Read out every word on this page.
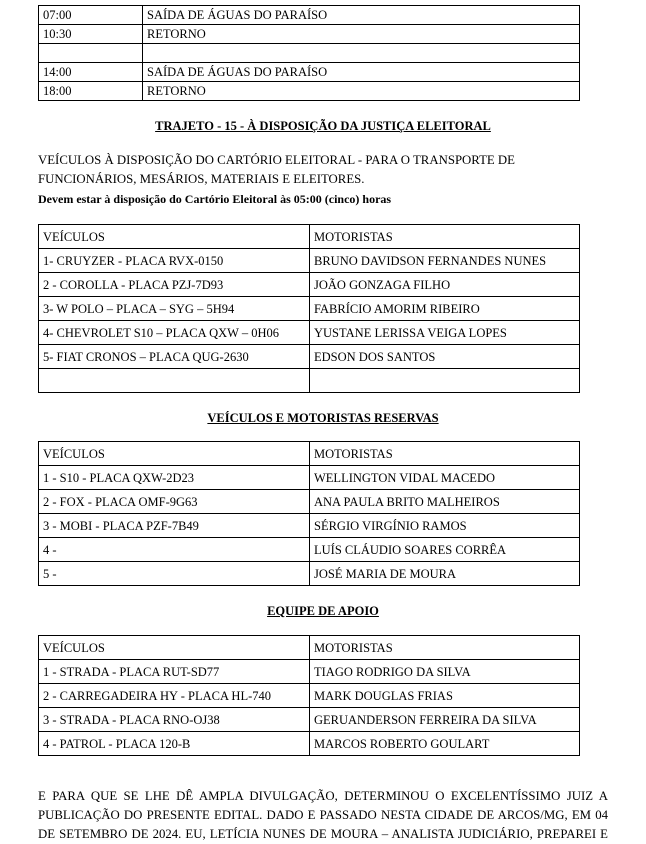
07:00	SAÍDA DE ÁGUAS DO PARAÍSO
10:30	RETORNO

14:00	SAÍDA DE ÁGUAS DO PARAÍSO
18:00	RETORNO
TRAJETO - 15 - À DISPOSIÇÃO DA JUSTIÇA ELEITORAL
VEÍCULOS À DISPOSIÇÃO DO CARTÓRIO ELEITORAL - PARA O TRANSPORTE DE
FUNCIONÁRIOS, MESÁRIOS, MATERIAIS E ELEITORES.
Devem estar à disposição do Cartório Eleitoral às 05:00 (cinco) horas
VEÍCULOS	MOTORISTAS
1- CRUYZER - PLACA RVX-0150	BRUNO DAVIDSON FERNANDES NUNES
2 - COROLLA - PLACA PZJ-7D93	JOÃO GONZAGA FILHO
3- W POLO – PLACA – SYG – 5H94	FABRÍCIO AMORIM RIBEIRO
4- CHEVROLET S10 – PLACA QXW – 0H06	YUSTANE LERISSA VEIGA LOPES
5- FIAT CRONOS – PLACA QUG-2630	EDSON DOS SANTOS

VEÍCULOS E MOTORISTAS RESERVAS
VEÍCULOS	MOTORISTAS
1 - S10 - PLACA QXW-2D23	WELLINGTON VIDAL MACEDO
2 - FOX - PLACA OMF-9G63	ANA PAULA BRITO MALHEIROS
3 - MOBI - PLACA PZF-7B49	SÉRGIO VIRGÍNIO RAMOS
4 -	LUÍS CLÁUDIO SOARES CORRÊA
5 -	JOSÉ MARIA DE MOURA
EQUIPE DE APOIO
VEÍCULOS	MOTORISTAS
1 - STRADA - PLACA RUT-SD77	TIAGO RODRIGO DA SILVA
2 - CARREGADEIRA HY - PLACA HL-740	MARK DOUGLAS FRIAS
3 - STRADA - PLACA RNO-OJ38	GERUANDERSON FERREIRA DA SILVA
4 - PATROL - PLACA 120-B	MARCOS ROBERTO GOULART
E PARA QUE SE LHE DÊ AMPLA DIVULGAÇÃO, DETERMINOU O EXCELENTÍSSIMO JUIZ A
PUBLICAÇÃO DO PRESENTE EDITAL. DADO E PASSADO NESTA CIDADE DE ARCOS/MG, EM 04
DE SETEMBRO DE 2024. EU, LETÍCIA NUNES DE MOURA – ANALISTA JUDICIÁRIO, PREPAREI E
